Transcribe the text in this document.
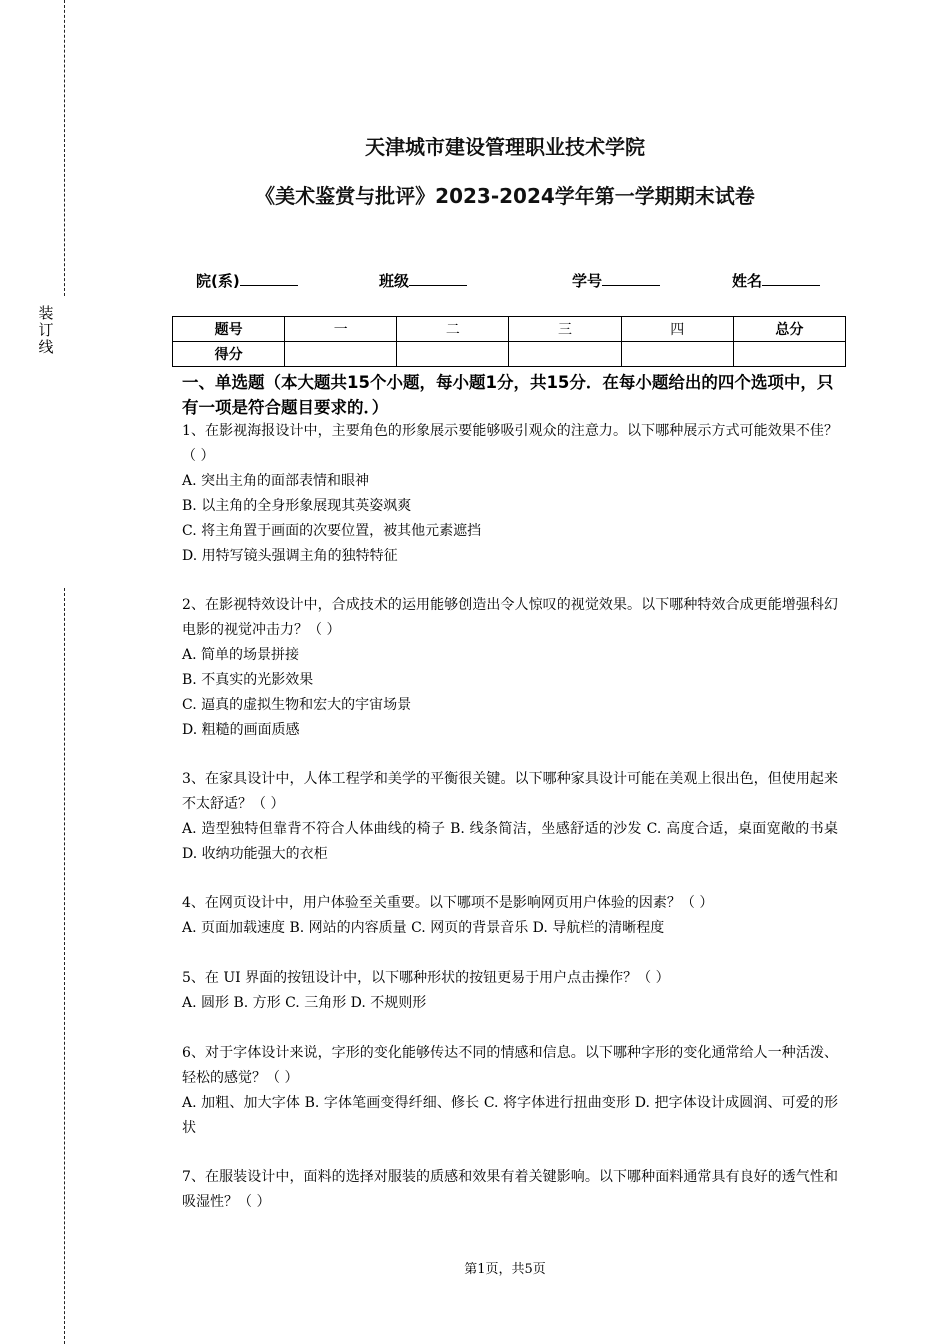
装
订
线
天津城市建设管理职业技术学院
《美术鉴赏与批评》2023-2024学年第一学期期末试卷
院(系)	班级	学号	姓名
题号	一	二	三	四	总分
得分					
一、单选题（本大题共15个小题，每小题1分，共15分．在每小题给出的四个选项中，只有一项是符合题目要求的．）

1、在影视海报设计中，主要角色的形象展示要能够吸引观众的注意力。以下哪种展示方式可能效果不佳？（ ）

A. 突出主角的面部表情和眼神

B. 以主角的全身形象展现其英姿飒爽

C. 将主角置于画面的次要位置，被其他元素遮挡

D. 用特写镜头强调主角的独特特征

2、在影视特效设计中，合成技术的运用能够创造出令人惊叹的视觉效果。以下哪种特效合成更能增强科幻电影的视觉冲击力？（ ）

A. 简单的场景拼接

B. 不真实的光影效果

C. 逼真的虚拟生物和宏大的宇宙场景

D. 粗糙的画面质感

3、在家具设计中，人体工程学和美学的平衡很关键。以下哪种家具设计可能在美观上很出色，但使用起来不太舒适？（ ）

A. 造型独特但靠背不符合人体曲线的椅子 B. 线条简洁，坐感舒适的沙发 C. 高度合适，桌面宽敞的书桌 D. 收纳功能强大的衣柜

4、在网页设计中，用户体验至关重要。以下哪项不是影响网页用户体验的因素？（ ）

A. 页面加载速度 B. 网站的内容质量 C. 网页的背景音乐 D. 导航栏的清晰程度

5、在 UI 界面的按钮设计中，以下哪种形状的按钮更易于用户点击操作？（ ）

A. 圆形 B. 方形 C. 三角形 D. 不规则形

6、对于字体设计来说，字形的变化能够传达不同的情感和信息。以下哪种字形的变化通常给人一种活泼、轻松的感觉？（ ）

A. 加粗、加大字体 B. 字体笔画变得纤细、修长 C. 将字体进行扭曲变形 D. 把字体设计成圆润、可爱的形状

7、在服装设计中，面料的选择对服装的质感和效果有着关键影响。以下哪种面料通常具有良好的透气性和吸湿性？（ ）

第1页，共5页
